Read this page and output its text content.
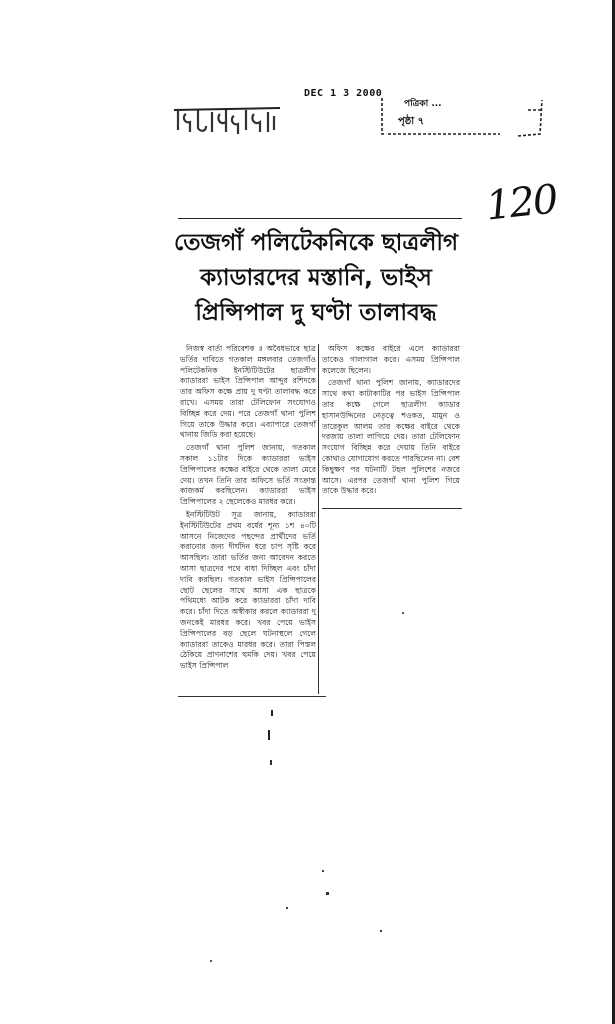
DEC 1 3 2000
পত্রিকা ...
পৃষ্ঠা ৭
120
তেজগাঁ পলিটেকনিকে ছাত্রলীগ ক্যাডারদের মস্তানি, ভাইস প্রিন্সিপাল দু ঘণ্টা তালাবদ্ধ

নিজস্ব বার্তা পরিবেশক ॥ অবৈধভাবে ছাত্র ভর্তির দাবিতে গতকাল মঙ্গলবার তেজগাঁও পলিটেকনিক ইনস্টিটিউটের ছাত্রলীগ ক্যাডাররা ভাইস প্রিন্সিপাল আব্দুর রশিদকে তার অফিস কক্ষে প্রায় দু ঘণ্টা তালাবদ্ধ করে রাখে। এসময় তারা টেলিফোন সংযোগও বিচ্ছিন্ন করে দেয়। পরে তেজগাঁ থানা পুলিশ গিয়ে তাকে উদ্ধার করে। এব্যাপারে তেজগাঁ থানায় জিডি করা হয়েছে।

তেজগাঁ থানা পুলিশ জানায়, গতকাল সকাল ১১টার দিকে ক্যাডাররা ভাইস প্রিন্সিপালের কক্ষের বাইরে থেকে তালা মেরে দেয়। তখন তিনি তার অফিসে ভর্তি সংক্রান্ত কাজকর্ম করছিলেন। ক্যাডাররা ভাইস প্রিন্সিপালের ২ ছেলেকেও মারধর করে।

ইনস্টিটিউট সূত্র জানায়, ক্যাডাররা ইনস্টিটিউটের প্রথম বর্ষের শূন্য ১শ ৪০টি আসনে নিজেদের পছন্দের প্রার্থীদের ভর্তি করানোর জন্য দীর্ঘদিন ধরে চাপ সৃষ্টি করে আসছিল। তারা ভর্তির জন্য আবেদন করতে আসা ছাত্রদের পথে বাধা দিচ্ছিল এবং চাঁদা দাবি করছিল। গতকাল ভাইস প্রিন্সিপালের ছোট ছেলের সাথে আসা এক ছাত্রকে পথিমধ্যে আটক করে ক্যাডাররা চাঁদা দাবি করে। চাঁদা দিতে অস্বীকার করলে ক্যাডাররা দু জনকেই মারধর করে। খবর পেয়ে ভাইস প্রিন্সিপালের বড় ছেলে ঘটনাস্থলে গেলে ক্যাডাররা তাকেও মারধর করে। তারা পিস্তল ঠেকিয়ে প্রাণনাশের হুমকি দেয়। খবর পেয়ে ভাইস প্রিন্সিপাল

অফিস কক্ষের বাইরে এলে ক্যাডাররা তাকেও গালাগাল করে। এসময় প্রিন্সিপাল কলেজে ছিলেন।

তেজগাঁ থানা পুলিশ জানায়, ক্যাডারদের সাথে কথা কাটাকাটির পর ভাইস প্রিন্সিপাল তার কক্ষে গেলে ছাত্রলীগ ক্যাডার হাসানউদ্দিনের নেতৃত্বে শওকত, মামুন ও তারেকুল আলম তার কক্ষের বাইরে থেকে দরজায় তালা লাগিয়ে দেয়। তারা টেলিফোন সংযোগ বিচ্ছিন্ন করে দেয়ায় তিনি বাইরে কোথাও যোগাযোগ করতে পারছিলেন না। বেশ কিছুক্ষণ পর ঘটনাটি টহল পুলিশের নজরে আসে। এরপর তেজগাঁ থানা পুলিশ গিয়ে তাকে উদ্ধার করে।
